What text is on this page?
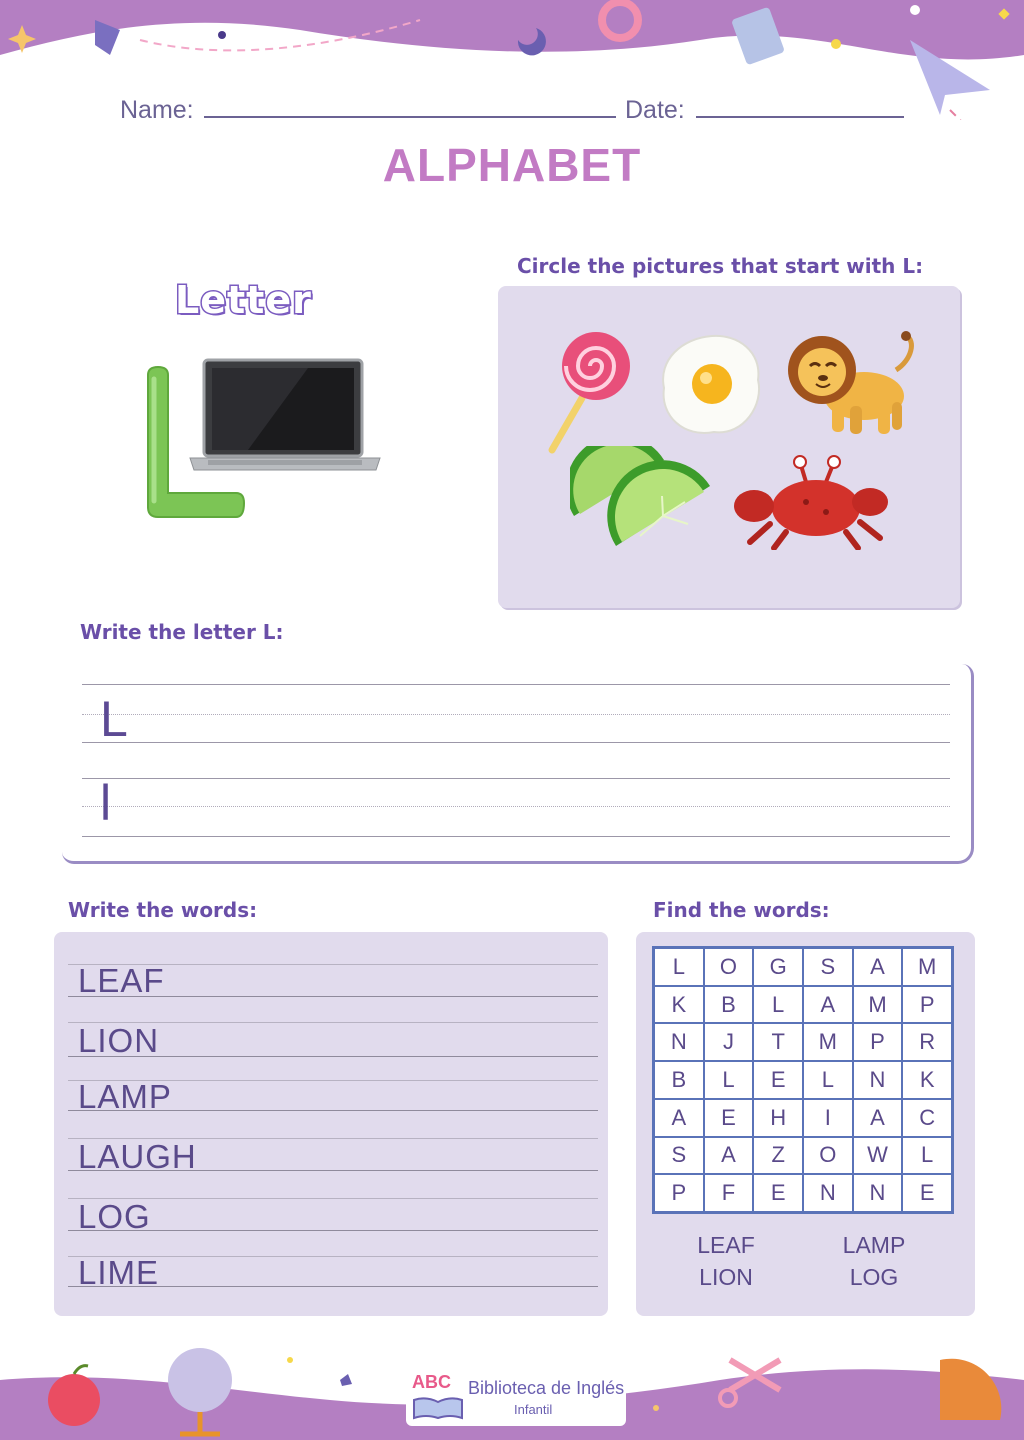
Name:	Date:
ALPHABET
Letter
Circle the pictures that start with L:
Write the letter L:
L
l
Write the words:
LEAF
LION
LAMP
LAUGH
LOG
LIME
Find the words:
L	O	G	S	A	M
K	B	L	A	M	P
N	J	T	M	P	R
B	L	E	L	N	K
A	E	H	I	A	C
S	A	Z	O	W	L
P	F	E	N	N	E
LEAF	LAMP
LION	LOG
ABC Biblioteca de Inglés
Infantil
